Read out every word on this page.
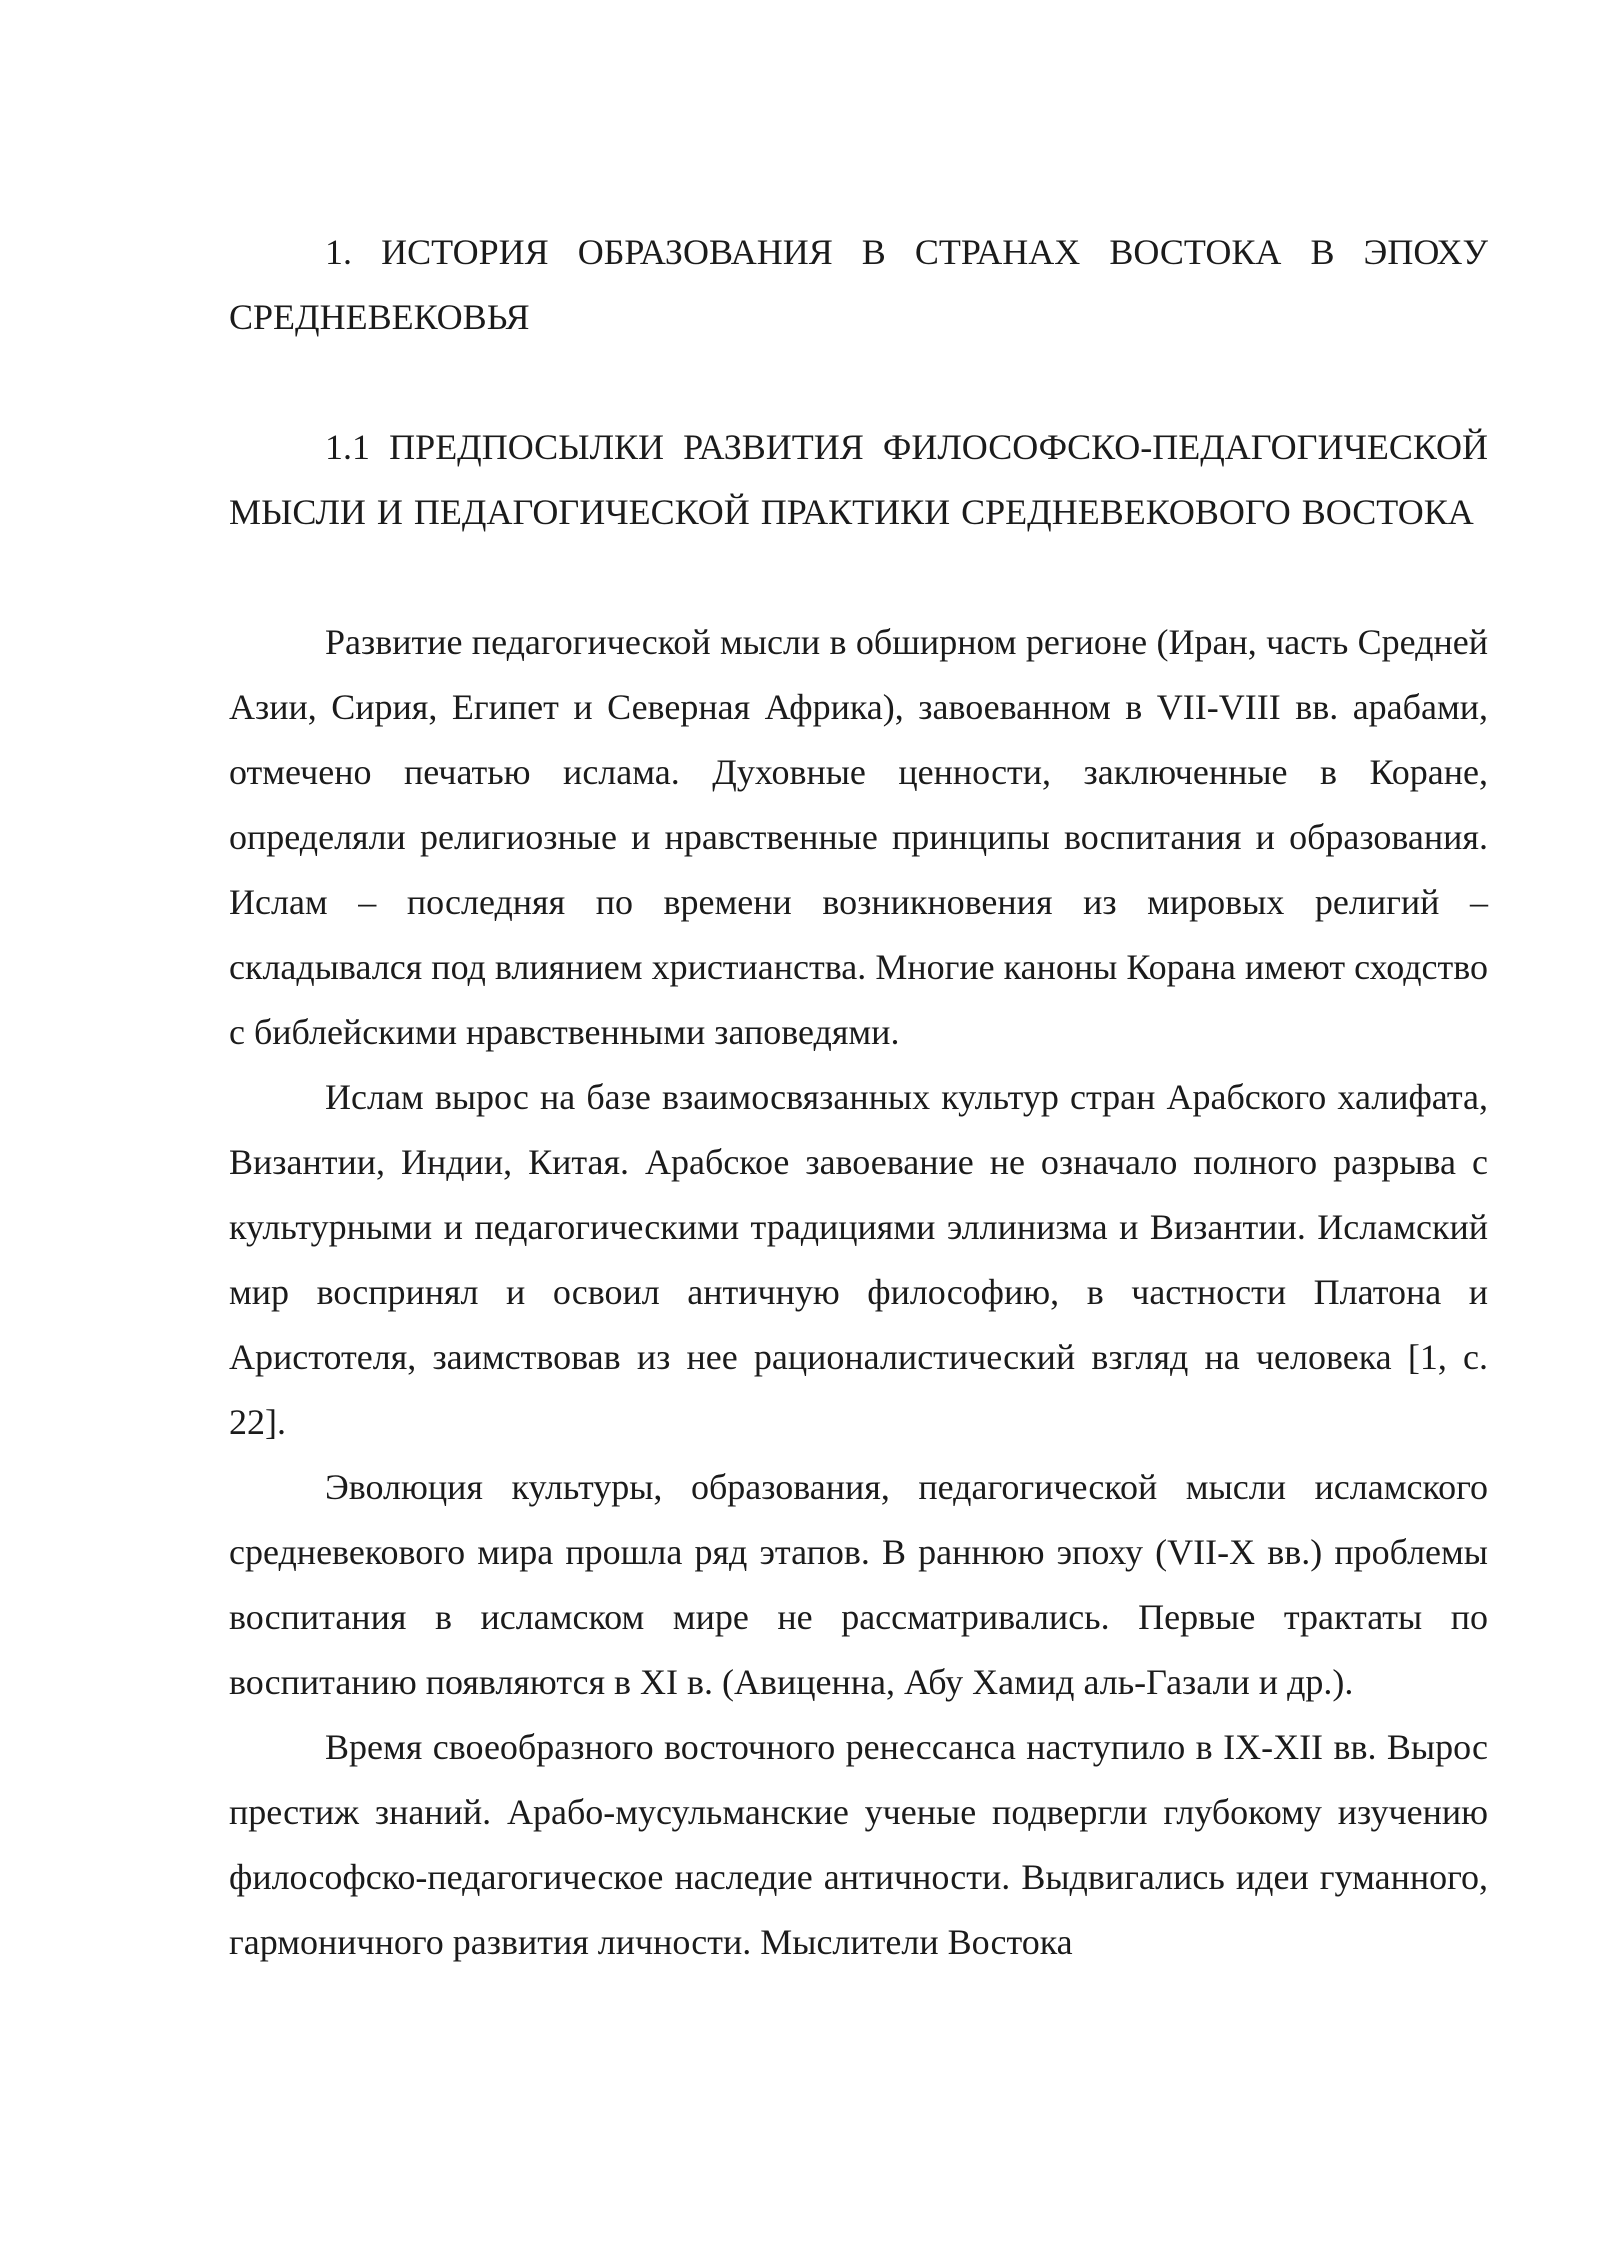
1. ИСТОРИЯ ОБРАЗОВАНИЯ В СТРАНАХ ВОСТОКА В ЭПОХУ СРЕДНЕВЕКОВЬЯ
1.1 ПРЕДПОСЫЛКИ РАЗВИТИЯ ФИЛОСОФСКО-ПЕДАГОГИЧЕСКОЙ МЫСЛИ И ПЕДАГОГИЧЕСКОЙ ПРАКТИКИ СРЕДНЕВЕКОВОГО ВОСТОКА

Развитие педагогической мысли в обширном регионе (Иран, часть Средней Азии, Сирия, Египет и Северная Африка), завоеванном в VII-VIII вв. арабами, отмечено печатью ислама. Духовные ценности, заключенные в Коране, определяли религиозные и нравственные принципы воспитания и образования. Ислам – последняя по времени возникновения из мировых религий – складывался под влиянием христианства. Многие каноны Корана имеют сходство с библейскими нравственными заповедями.

Ислам вырос на базе взаимосвязанных культур стран Арабского халифата, Византии, Индии, Китая. Арабское завоевание не означало полного разрыва с культурными и педагогическими традициями эллинизма и Византии. Исламский мир воспринял и освоил античную философию, в частности Платона и Аристотеля, заимствовав из нее рационалистический взгляд на человека [1, с. 22].

Эволюция культуры, образования, педагогической мысли исламского средневекового мира прошла ряд этапов. В раннюю эпоху (VII-X вв.) проблемы воспитания в исламском мире не рассматривались. Первые трактаты по воспитанию появляются в XI в. (Авиценна, Абу Хамид аль-Газали и др.).

Время своеобразного восточного ренессанса наступило в IX-XII вв. Вырос престиж знаний. Арабо-мусульманские ученые подвергли глубокому изучению философско-педагогическое наследие античности. Выдвигались идеи гуманного, гармоничного развития личности. Мыслители Востока
